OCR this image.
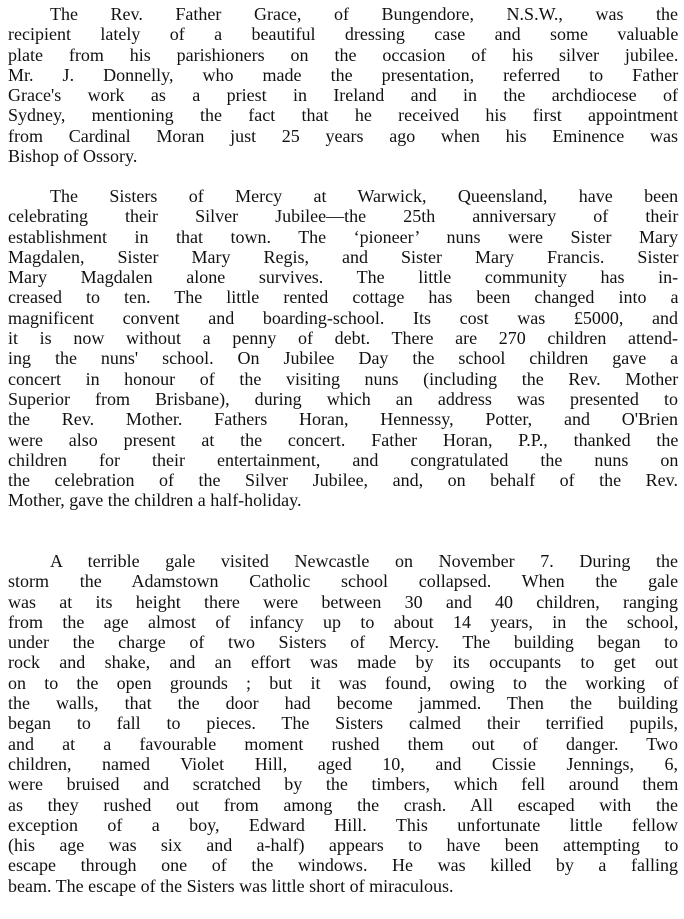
The Rev. Father Grace, of Bungendore, N.S.W., was the
recipient lately of a beautiful dressing case and some valuable
plate from his parishioners on the occasion of his silver jubilee.
Mr. J. Donnelly, who made the presentation, referred to Father
Grace's work as a priest in Ireland and in the archdiocese of
Sydney, mentioning the fact that he received his first appointment
from Cardinal Moran just 25 years ago when his Eminence was
Bishop of Ossory.
The Sisters of Mercy at Warwick, Queensland, have been
celebrating their Silver Jubilee—the 25th anniversary of their
establishment in that town. The ‘pioneer’ nuns were Sister Mary
Magdalen, Sister Mary Regis, and Sister Mary Francis. Sister
Mary Magdalen alone survives. The little community has in-
creased to ten. The little rented cottage has been changed into a
magnificent convent and boarding-school. Its cost was £5000, and
it is now without a penny of debt. There are 270 children attend-
ing the nuns' school. On Jubilee Day the school children gave a
concert in honour of the visiting nuns (including the Rev. Mother
Superior from Brisbane), during which an address was presented to
the Rev. Mother. Fathers Horan, Hennessy, Potter, and O'Brien
were also present at the concert. Father Horan, P.P., thanked the
children for their entertainment, and congratulated the nuns on
the celebration of the Silver Jubilee, and, on behalf of the Rev.
Mother, gave the children a half-holiday.
A terrible gale visited Newcastle on November 7. During the
storm the Adamstown Catholic school collapsed. When the gale
was at its height there were between 30 and 40 children, ranging
from the age almost of infancy up to about 14 years, in the school,
under the charge of two Sisters of Mercy. The building began to
rock and shake, and an effort was made by its occupants to get out
on to the open grounds ; but it was found, owing to the working of
the walls, that the door had become jammed. Then the building
began to fall to pieces. The Sisters calmed their terrified pupils,
and at a favourable moment rushed them out of danger. Two
children, named Violet Hill, aged 10, and Cissie Jennings, 6,
were bruised and scratched by the timbers, which fell around them
as they rushed out from among the crash. All escaped with the
exception of a boy, Edward Hill. This unfortunate little fellow
(his age was six and a-half) appears to have been attempting to
escape through one of the windows. He was killed by a falling
beam. The escape of the Sisters was little short of miraculous.
